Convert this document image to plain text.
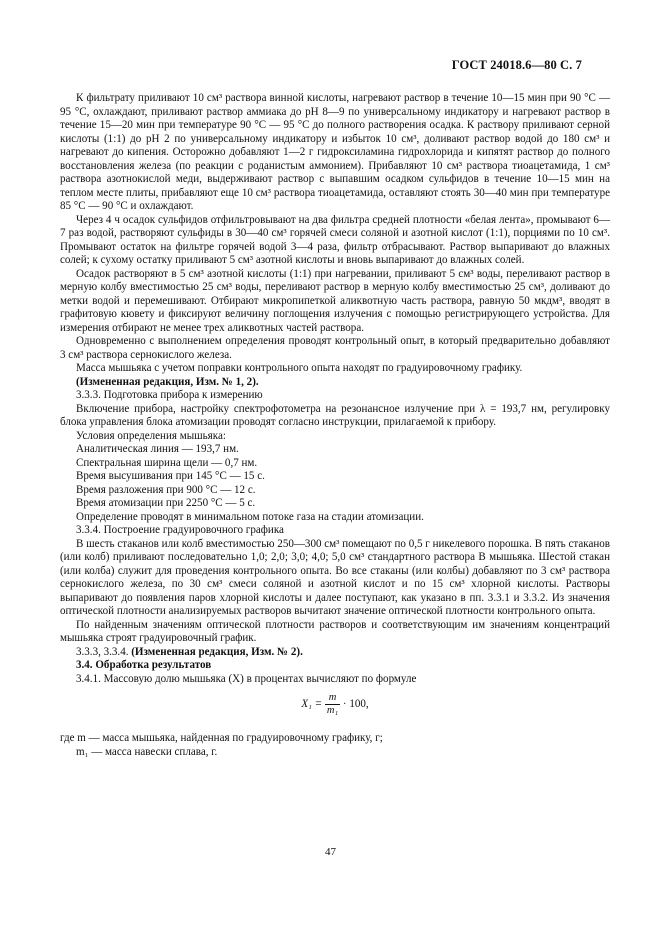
ГОСТ 24018.6—80 С. 7

К фильтрату приливают 10 см³ раствора винной кислоты, нагревают раствор в течение 10—15 мин при 90 °С — 95 °С, охлаждают, приливают раствор аммиака до рН 8—9 по универсальному индикатору и нагревают раствор в течение 15—20 мин при температуре 90 °С — 95 °С до полного растворения осадка. К раствору приливают серной кислоты (1:1) до рН 2 по универсальному индикатору и избыток 10 см³, доливают раствор водой до 180 см³ и нагревают до кипения. Осторожно добавляют 1—2 г гидроксиламина гидрохлорида и кипятят раствор до полного восстановления железа (по реакции с роданистым аммонием). Прибавляют 10 см³ раствора тиоацетамида, 1 см³ раствора азотнокислой меди, выдерживают раствор с выпавшим осадком сульфидов в течение 10—15 мин на теплом месте плиты, прибавляют еще 10 см³ раствора тиоацетамида, оставляют стоять 30—40 мин при температуре 85 °С — 90 °С и охлаждают.

Через 4 ч осадок сульфидов отфильтровывают на два фильтра средней плотности «белая лента», промывают 6—7 раз водой, растворяют сульфиды в 30—40 см³ горячей смеси соляной и азотной кислот (1:1), порциями по 10 см³. Промывают остаток на фильтре горячей водой 3—4 раза, фильтр отбрасывают. Раствор выпаривают до влажных солей; к сухому остатку приливают 5 см³ азотной кислоты и вновь выпаривают до влажных солей.

Осадок растворяют в 5 см³ азотной кислоты (1:1) при нагревании, приливают 5 см³ воды, переливают раствор в мерную колбу вместимостью 25 см³ воды, переливают раствор в мерную колбу вместимостью 25 см³, доливают до метки водой и перемешивают. Отбирают микропипеткой аликвотную часть раствора, равную 50 мкдм³, вводят в графитовую кювету и фиксируют величину поглощения излучения с помощью регистрирующего устройства. Для измерения отбирают не менее трех аликвотных частей раствора.

Одновременно с выполнением определения проводят контрольный опыт, в который предварительно добавляют 3 см³ раствора сернокислого железа.

Масса мышьяка с учетом поправки контрольного опыта находят по градуировочному графику.

(Измененная редакция, Изм. № 1, 2).

3.3.3. Подготовка прибора к измерению

Включение прибора, настройку спектрофотометра на резонансное излучение при λ = 193,7 нм, регулировку блока управления блока атомизации проводят согласно инструкции, прилагаемой к прибору.

Условия определения мышьяка:

Аналитическая линия — 193,7 нм.

Спектральная ширина щели — 0,7 нм.

Время высушивания при 145 °С — 15 с.

Время разложения при 900 °С — 12 с.

Время атомизации при 2250 °С — 5 с.

Определение проводят в минимальном потоке газа на стадии атомизации.

3.3.4. Построение градуировочного графика

В шесть стаканов или колб вместимостью 250—300 см³ помещают по 0,5 г никелевого порошка. В пять стаканов (или колб) приливают последовательно 1,0; 2,0; 3,0; 4,0; 5,0 см³ стандартного раствора В мышьяка. Шестой стакан (или колба) служит для проведения контрольного опыта. Во все стаканы (или колбы) добавляют по 3 см³ раствора сернокислого железа, по 30 см³ смеси соляной и азотной кислот и по 15 см³ хлорной кислоты. Растворы выпаривают до появления паров хлорной кислоты и далее поступают, как указано в пп. 3.3.1 и 3.3.2. Из значения оптической плотности анализируемых растворов вычитают значение оптической плотности контрольного опыта.

По найденным значениям оптической плотности растворов и соответствующим им значениям концентраций мышьяка строят градуировочный график.

3.3.3, 3.3.4. (Измененная редакция, Изм. № 2).

3.4. Обработка результатов

3.4.1. Массовую долю мышьяка (X) в процентах вычисляют по формуле

$X_1 = \frac{m}{\text{m₁}} \cdot 100$,

где m — масса мышьяка, найденная по градуировочному графику, г;

m₁ — масса навески сплава, г.

47
